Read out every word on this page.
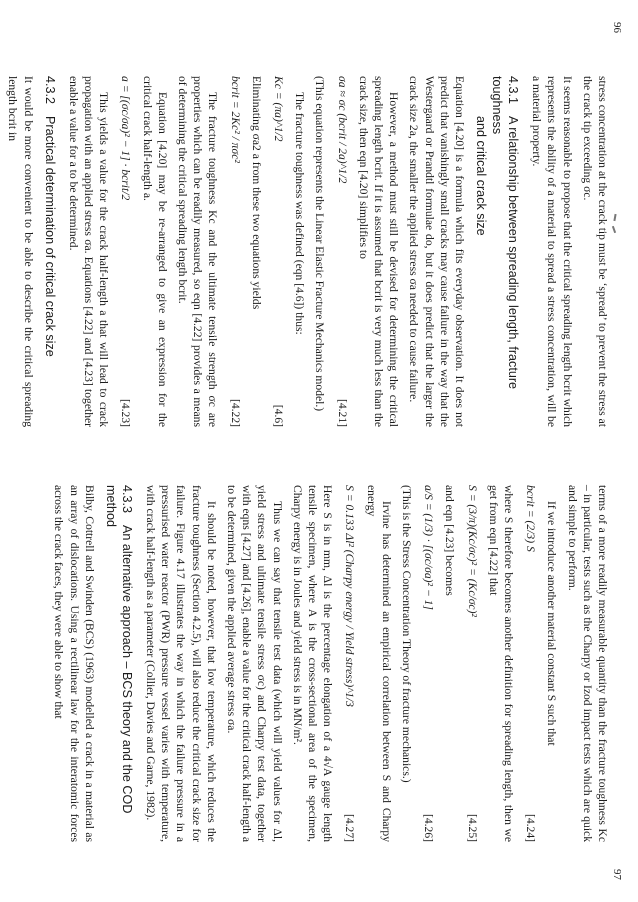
96

stress concentration at the crack tip must be ‘spread’ to prevent the stress at the crack tip exceeding σc.

It seems reasonable to propose that the critical spreading length bcrit which represents the ability of a material to spread a stress concentration, will be a material property.

4.3.1A relationship between spreading length, fracture toughness
and critical crack size

Equation [4.20] is a formula which fits everyday observation. It does not predict that vanishingly small cracks may cause failure in the way that the Westergaard or Prandtl formulae do, but it does predict that the larger the crack size 2a, the smaller the applied stress σa needed to cause failure.

However, a method must still be devised for determining the critical spreading length bcrit. If it is assumed that bcrit is very much less than the crack size, then eqn [4.20] simplifies to

σa ≈ σc (bcrit / 2a)^1/2
[4.21]

(This equation represents the Linear Elastic Fracture Mechanics model.)

The fracture toughness was defined (eqn [4.6]) thus:

Kc = (πa)^1/2
[4.6]

Eliminating σa2 a from these two equations yields

bcrit = 2Kc² / πσc²
[4.22]

The fracture toughness Kc and the ultimate tensile strength σc are properties which can be readily measured, so eqn [4.22] provides a means of determining the critical spreading length bcrit.

Equation [4.20] may be re-arranged to give an expression for the critical crack half-length a.

a = [(σc/σa)² − 1] · bcrit/2
[4.23]

This yields a value for the crack half-length a that will lead to crack propagation with an applied stress σa. Equations [4.22] and [4.23] together enable a value for a to be determined.

4.3.2Practical determination of critical crack size

It would be more convenient to be able to describe the critical spreading length bcrit in

97

terms of a more readily measurable quantity than the fracture toughness Kc – in particular, tests such as the Charpy or Izod impact tests which are quick and simple to perform.

If we introduce another material constant S such that

bcrit = (2/3) S
[4.24]

where S therefore becomes another definition for spreading length, then we get from eqn [4.22] that

S = (3/π)(Kc/σc)² = (Kc/σc)²
[4.25]

and eqn [4.23] becomes

a/S = (1/3) · [(σc/σa)² − 1]
[4.26]

(This is the Stress Concentration Theory of fracture mechanics.)

Irvine has determined an empirical correlation between S and Charpy energy

S = 0.133 Δl² (Charpy energy / Yield stress)^1/3
[4.27]

Here S is in mm, Δl is the percentage elongation of a 4√A gauge length tensile specimen, where A is the cross-sectional area of the specimen, Charpy energy is in Joules and yield stress is in MN/m².

Thus we can say that tensile test data (which will yield values for Δl, yield stress and ultimate tensile stress σc) and Charpy test data, together with eqns [4.27] and [4.26], enable a value for the critical crack half-length a to be determined, given the applied average stress σa.

It should be noted, however, that low temperature, which reduces the fracture toughness (Section 4.2.5), will also reduce the critical crack size for failure. Figure 4.17 illustrates the way in which the failure pressure in a pressurised water reactor (PWR) pressure vessel varies with temperature, with crack half-length as a parameter (Collier, Davies and Garne, 1982).

4.3.3An alternative approach – BCS theory and the COD method

Bilby, Cottrell and Swinden (BCS) (1963) modelled a crack in a material as an array of dislocations. Using a rectilinear law for the interatomic forces across the crack faces, they were able to show that
